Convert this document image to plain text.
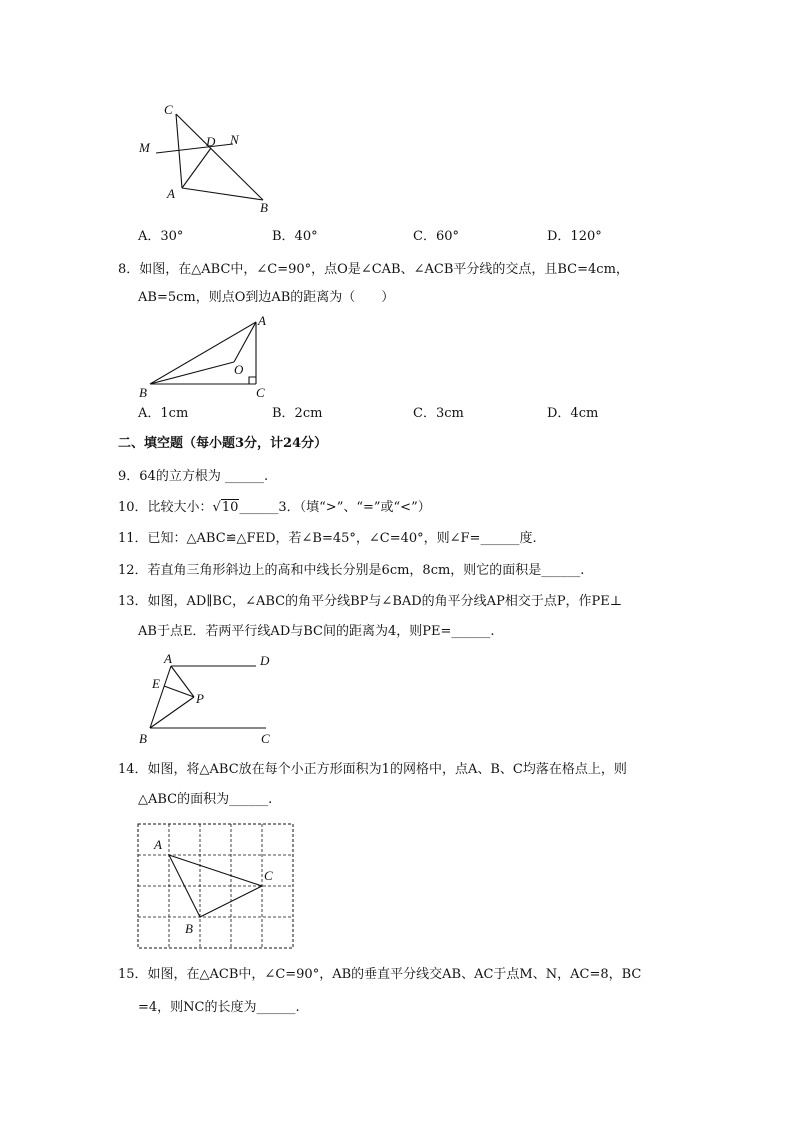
C
D N
M
A
B
A．30°	B．40°	C．60°	D．120°
8．如图，在△ABC中，∠C=90°，点O是∠CAB、∠ACB平分线的交点，且BC=4cm，
AB=5cm，则点O到边AB的距离为（　　）
A
O
B	C
A．1cm	B．2cm	C．3cm	D．4cm
二、填空题（每小题3分，计24分）
9．64的立方根为 ______.
10．比较大小：√10______3．（填“>”、“=”或“<”）
11．已知：△ABC≌△FED，若∠B=45°，∠C=40°，则∠F=______度.
12．若直角三角形斜边上的高和中线长分别是6cm，8cm，则它的面积是______.
13．如图，AD∥BC，∠ABC的角平分线BP与∠BAD的角平分线AP相交于点P，作PE⊥
AB于点E．若两平行线AD与BC间的距离为4，则PE=______.
A	D
E
P
B	C
14．如图，将△ABC放在每个小正方形面积为1的网格中，点A、B、C均落在格点上，则
△ABC的面积为______.
A
C
B
15．如图，在△ACB中，∠C=90°，AB的垂直平分线交AB、AC于点M、N，AC=8，BC
=4，则NC的长度为______.
